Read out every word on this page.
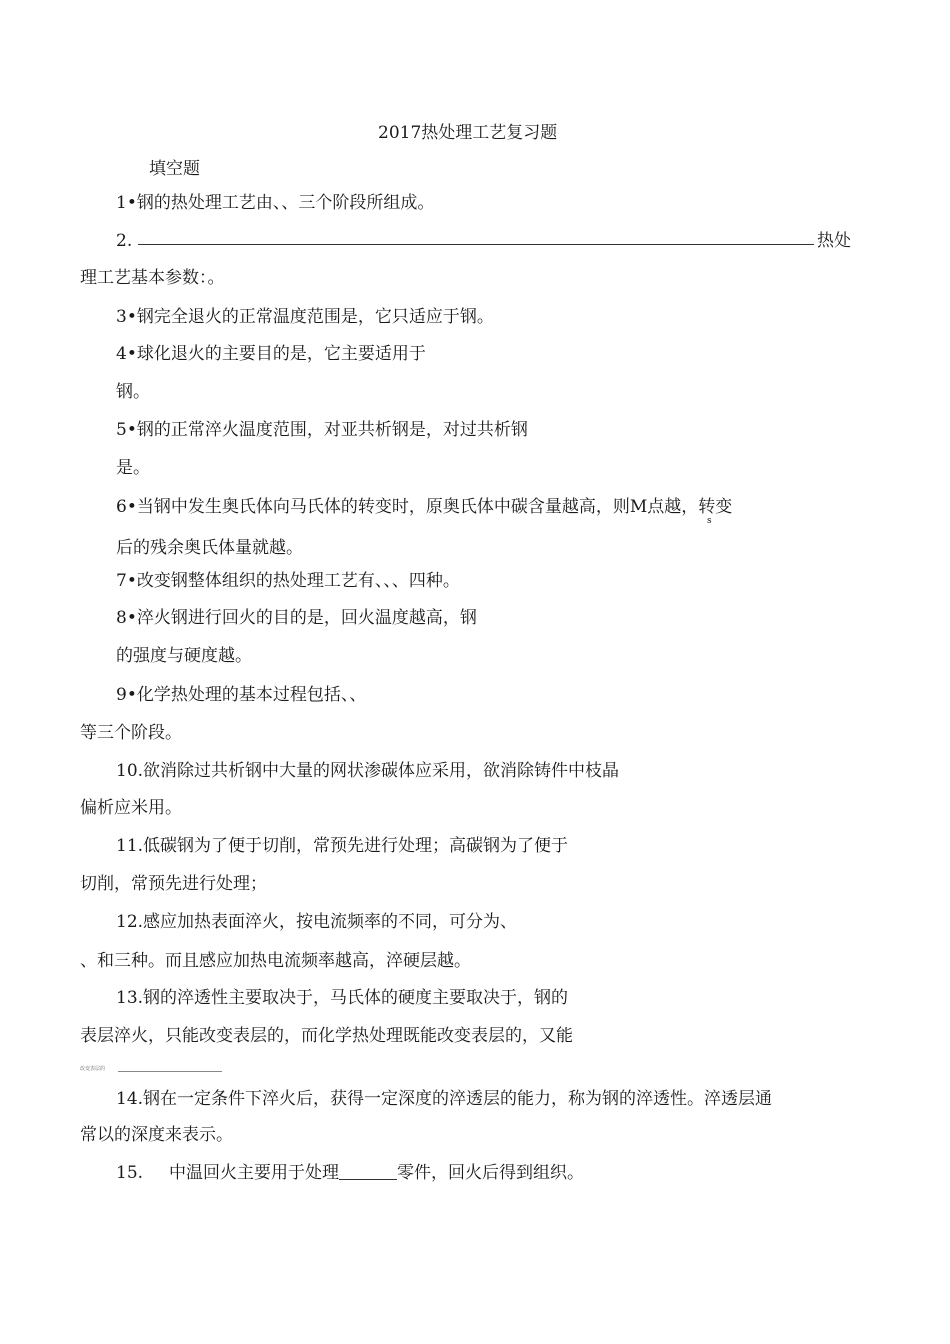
2017热处理工艺复习题
填空题
1•钢的热处理工艺由、、三个阶段所组成。
2.	热处
理工艺基本参数：。
3•钢完全退火的正常温度范围是，它只适应于钢。
4•球化退火的主要目的是，它主要适用于
钢。
5•钢的正常淬火温度范围，对亚共析钢是，对过共析钢
是。
6•当钢中发生奥氏体向马氏体的转变时，原奥氏体中碳含量越高，则M点越，转变
s
后的残余奥氏体量就越。
7•改变钢整体组织的热处理工艺有、、、四种。
8•淬火钢进行回火的目的是，回火温度越高，钢
的强度与硬度越。
9•化学热处理的基本过程包括、、
等三个阶段。
10.欲消除过共析钢中大量的网状渗碳体应采用，欲消除铸件中枝晶
偏析应米用。
11.低碳钢为了便于切削，常预先进行处理；高碳钢为了便于
切削，常预先进行处理；
12.感应加热表面淬火，按电流频率的不同，可分为、
、和三种。而且感应加热电流频率越高，淬硬层越。
13.钢的淬透性主要取决于，马氏体的硬度主要取决于，钢的
表层淬火，只能改变表层的，而化学热处理既能改变表层的，又能
改变表层的
14.钢在一定条件下淬火后，获得一定深度的淬透层的能力，称为钢的淬透性。淬透层通
常以的深度来表示。
15. 中温回火主要用于处理	零件，回火后得到组织。
